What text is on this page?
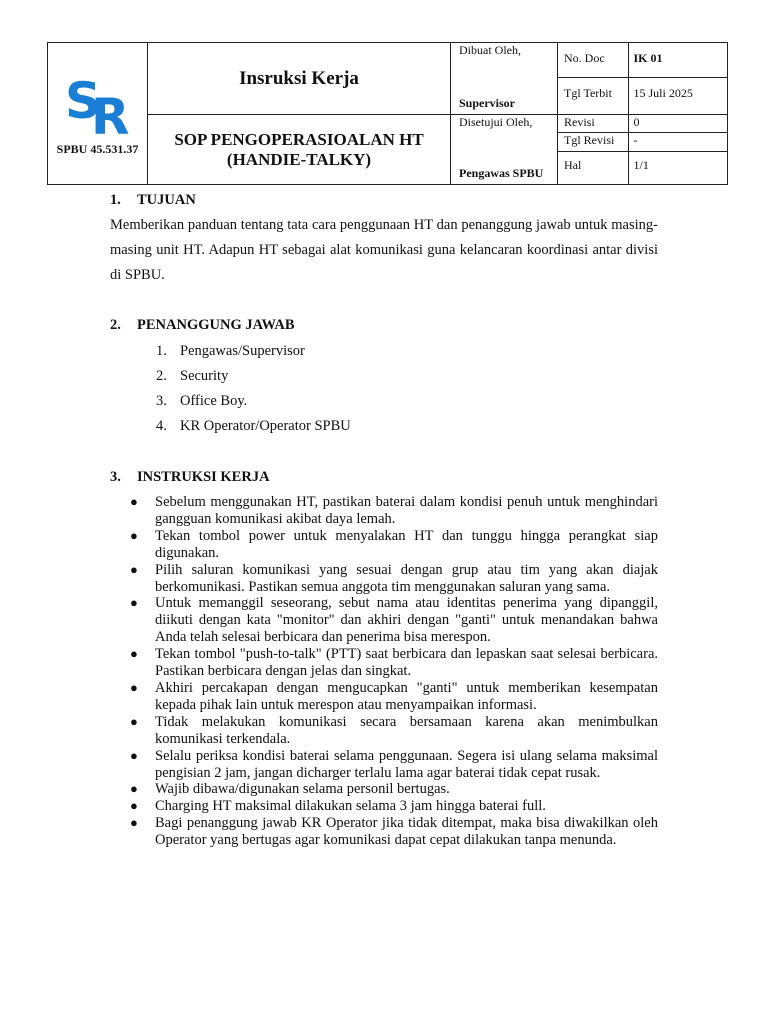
S
R
SPBU 45.531.37

Insruksi Kerja

Dibuat Oleh,
Supervisor

No. Doc	IK 01
Tgl Terbit	15 Juli 2025

SOP PENGOPERASIOALAN HT
(HANDIE-TALKY)

Disetujui Oleh,
Pengawas SPBU

Revisi	0
Tgl Revisi	-
Hal	1/1
1. TUJUAN
Memberikan panduan tentang tata cara penggunaan HT dan penanggung jawab untuk masing-masing unit HT. Adapun HT sebagai alat komunikasi guna kelancaran koordinasi antar divisi di SPBU.
2. PENANGGUNG JAWAB
1. Pengawas/Supervisor
2. Security
3. Office Boy.
4. KR Operator/Operator SPBU
3. INSTRUKSI KERJA
● Sebelum menggunakan HT, pastikan baterai dalam kondisi penuh untuk menghindari gangguan komunikasi akibat daya lemah.
● Tekan tombol power untuk menyalakan HT dan tunggu hingga perangkat siap digunakan.
● Pilih saluran komunikasi yang sesuai dengan grup atau tim yang akan diajak berkomunikasi. Pastikan semua anggota tim menggunakan saluran yang sama.
● Untuk memanggil seseorang, sebut nama atau identitas penerima yang dipanggil, diikuti dengan kata "monitor" dan akhiri dengan "ganti" untuk menandakan bahwa Anda telah selesai berbicara dan penerima bisa merespon.
● Tekan tombol "push-to-talk" (PTT) saat berbicara dan lepaskan saat selesai berbicara. Pastikan berbicara dengan jelas dan singkat.
● Akhiri percakapan dengan mengucapkan "ganti" untuk memberikan kesempatan kepada pihak lain untuk merespon atau menyampaikan informasi.
● Tidak melakukan komunikasi secara bersamaan karena akan menimbulkan komunikasi terkendala.
● Selalu periksa kondisi baterai selama penggunaan. Segera isi ulang selama maksimal pengisian 2 jam, jangan dicharger terlalu lama agar baterai tidak cepat rusak.
● Wajib dibawa/digunakan selama personil bertugas.
● Charging HT maksimal dilakukan selama 3 jam hingga baterai full.
● Bagi penanggung jawab KR Operator jika tidak ditempat, maka bisa diwakilkan oleh Operator yang bertugas agar komunikasi dapat cepat dilakukan tanpa menunda.
